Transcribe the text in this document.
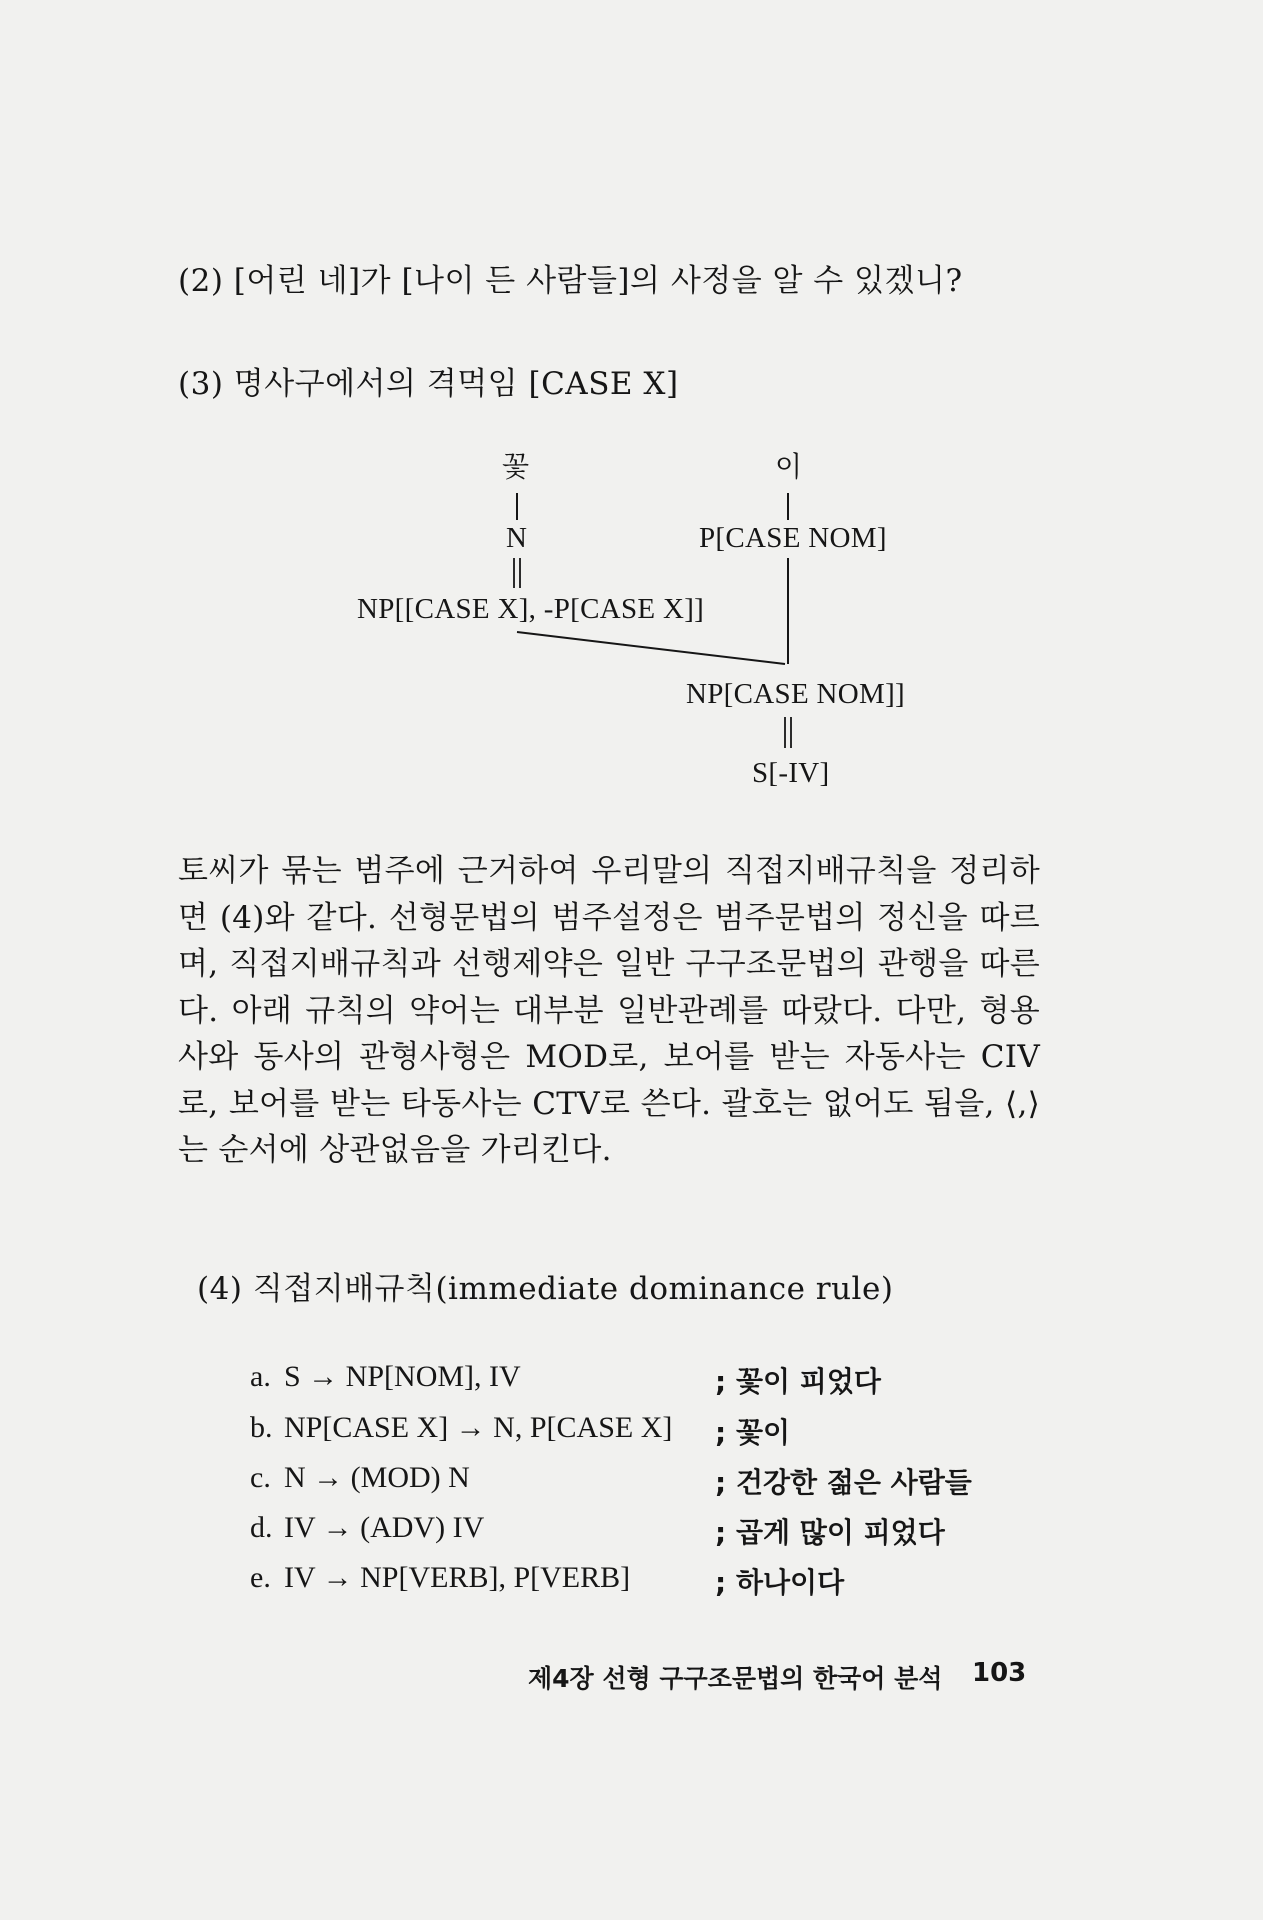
(2) [어린 네]가 [나이 든 사람들]의 사정을 알 수 있겠니?
(3) 명사구에서의 격먹임 [CASE X]
꽃	이
N	P[CASE NOM]
NP[[CASE X], -P[CASE X]]
NP[CASE NOM]]
S[-IV]
토씨가 묶는 범주에 근거하여 우리말의 직접지배규칙을 정리하면 (4)와 같다. 선형문법의 범주설정은 범주문법의 정신을 따르며, 직접지배규칙과 선행제약은 일반 구구조문법의 관행을 따른다. 아래 규칙의 약어는 대부분 일반관례를 따랐다. 다만, 형용사와 동사의 관형사형은 MOD로, 보어를 받는 자동사는 CIV로, 보어를 받는 타동사는 CTV로 쓴다. 괄호는 없어도 됨을, ⟨,⟩는 순서에 상관없음을 가리킨다.
(4) 직접지배규칙(immediate dominance rule)
a. S → NP[NOM], IV	; 꽃이 피었다
b. NP[CASE X] → N, P[CASE X] ; 꽃이
c. N → (MOD) N	; 건강한 젊은 사람들
d. IV → (ADV) IV	; 곱게 많이 피었다
e. IV → NP[VERB], P[VERB]	; 하나이다
제4장 선형 구구조문법의 한국어 분석 103
